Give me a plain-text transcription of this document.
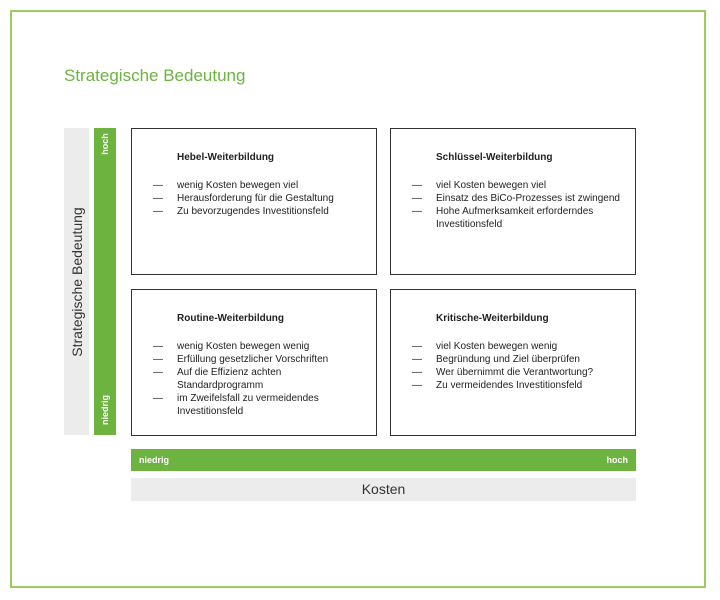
Strategische Bedeutung
Strategische Bedeutung
hoch
niedrig
Hebel-Weiterbildung
— wenig Kosten bewegen viel
— Herausforderung für die Gestaltung
— Zu bevorzugendes Investitionsfeld
Schlüssel-Weiterbildung
— viel Kosten bewegen viel
— Einsatz des BiCo-Prozesses ist zwingend
— Hohe Aufmerksamkeit erforderndes Investitionsfeld
Routine-Weiterbildung
— wenig Kosten bewegen wenig
— Erfüllung gesetzlicher Vorschriften
— Auf die Effizienz achten Standardprogramm
— im Zweifelsfall zu vermeidendes Investitionsfeld
Kritische-Weiterbildung
— viel Kosten bewegen wenig
— Begründung und Ziel überprüfen
— Wer übernimmt die Verantwortung?
— Zu vermeidendes Investitionsfeld
niedrig	hoch
Kosten
